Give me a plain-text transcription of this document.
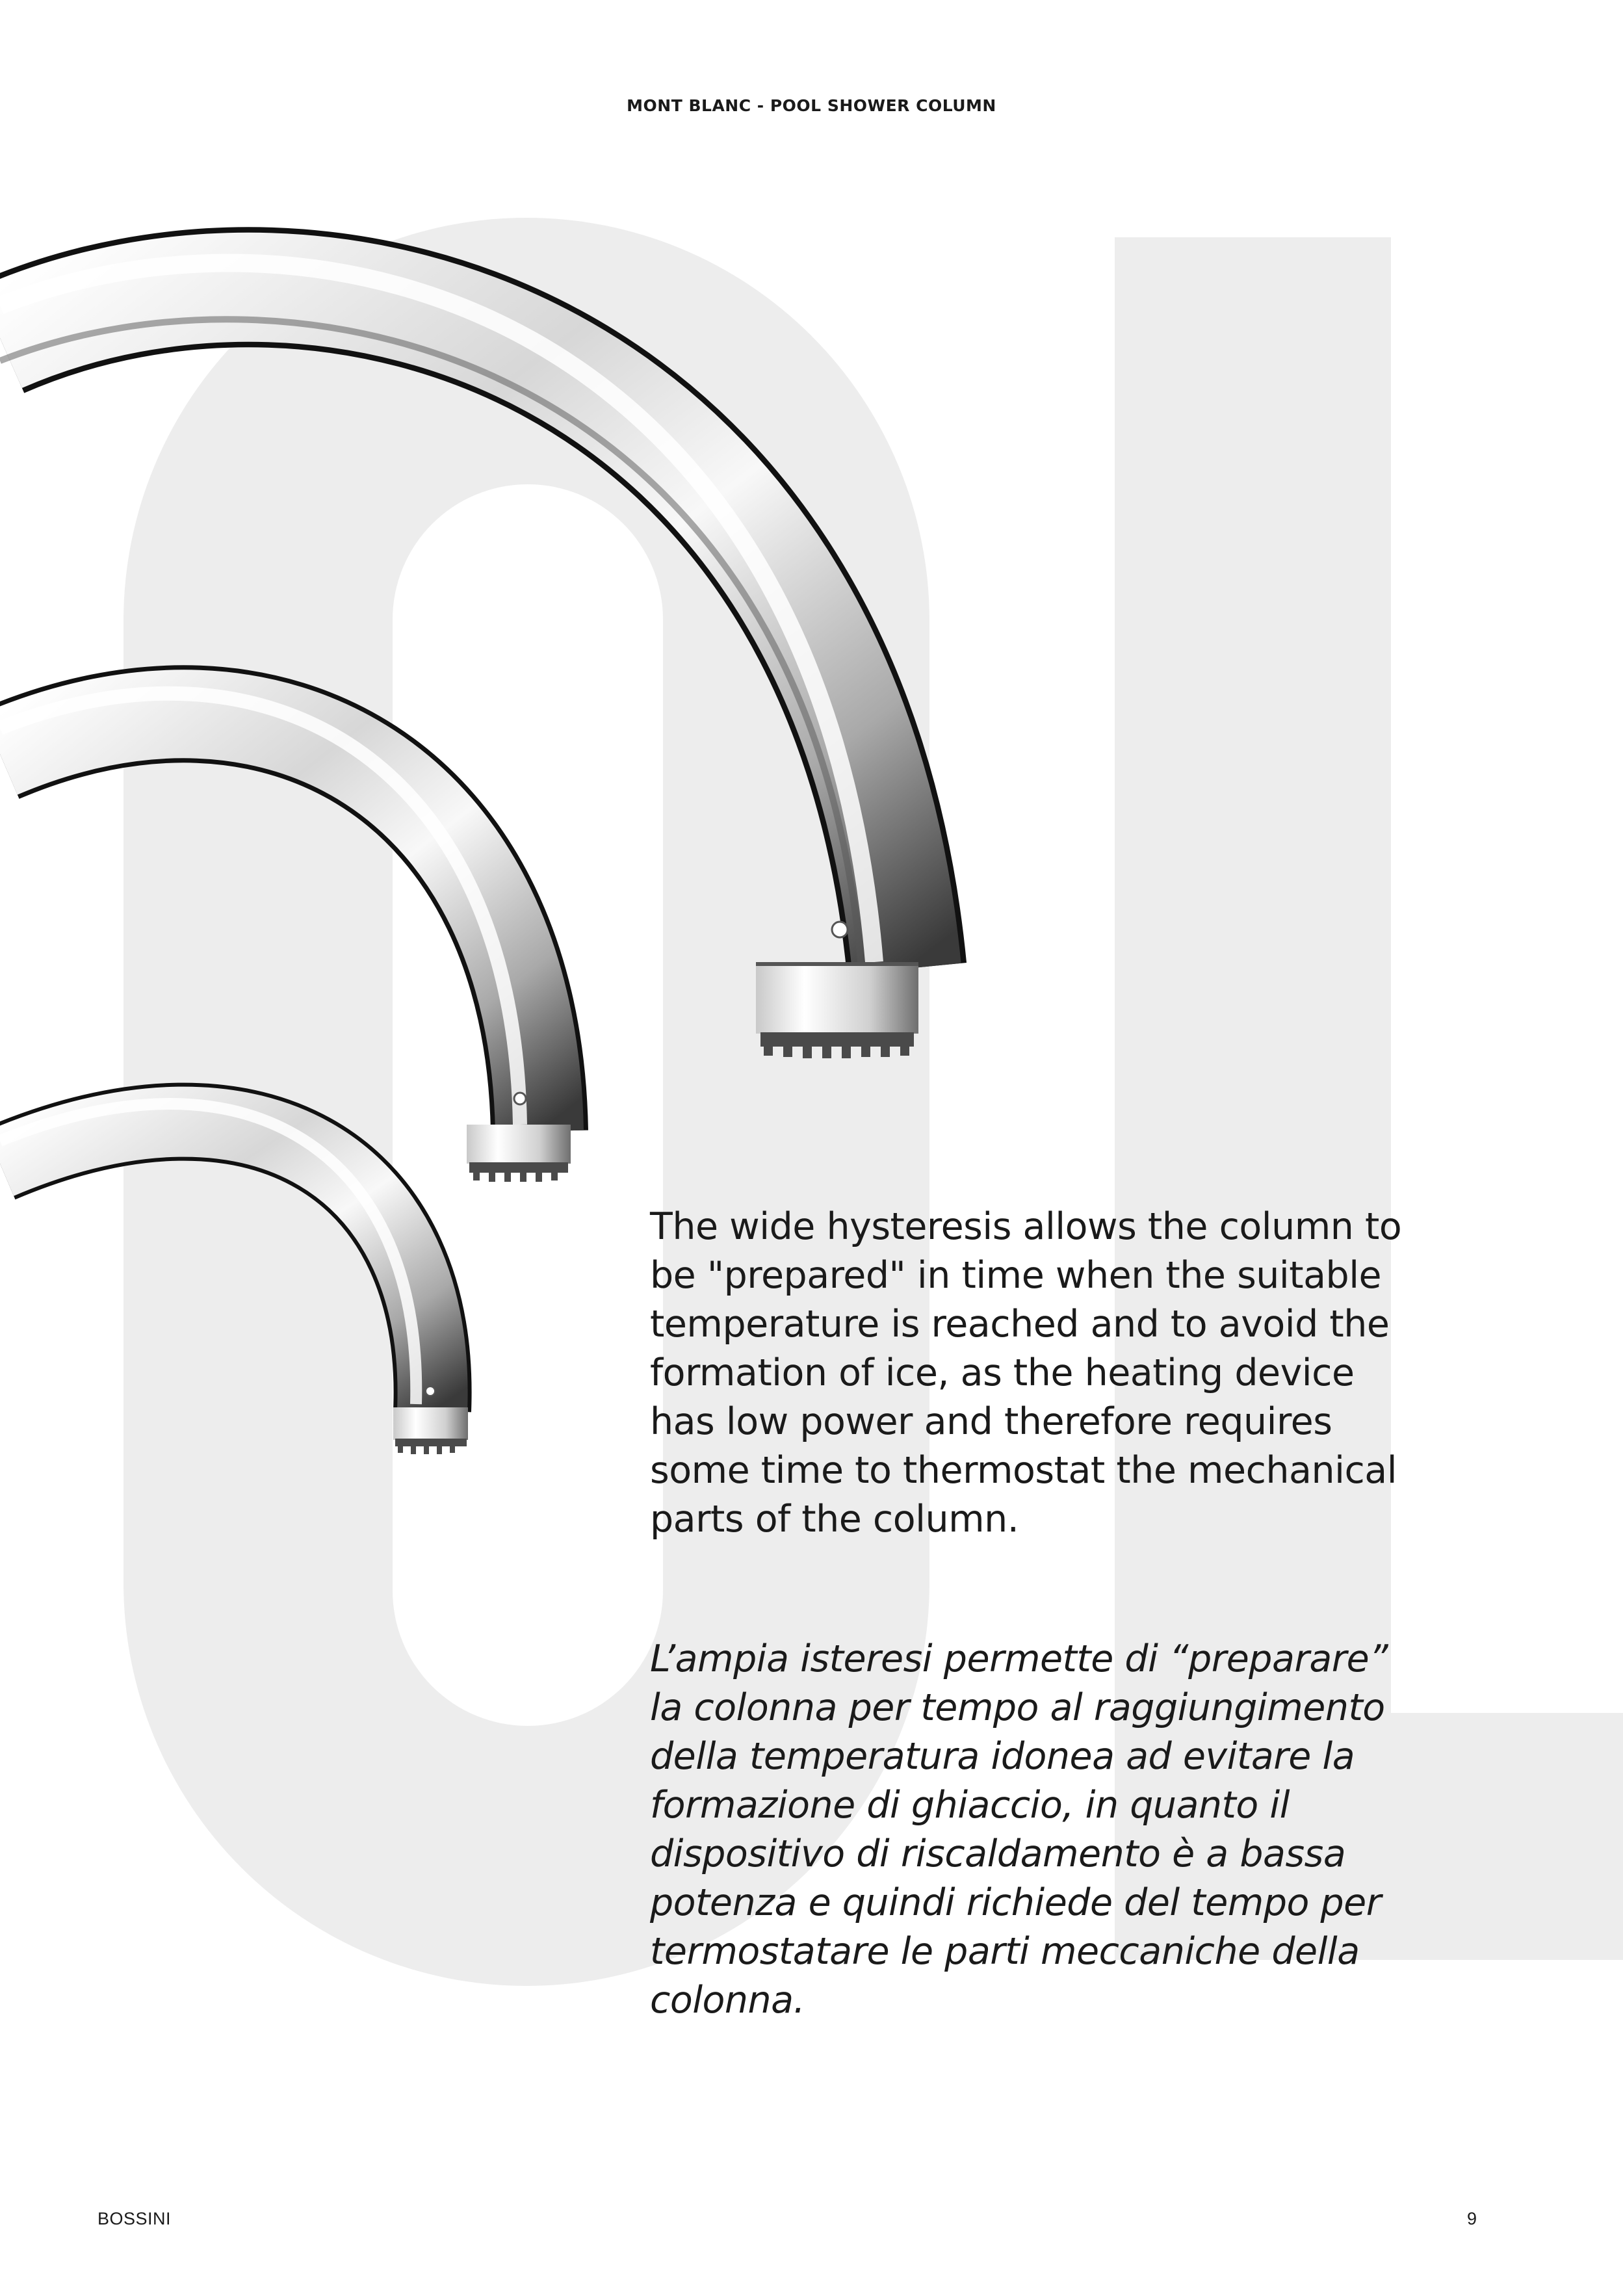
MONT BLANC - POOL SHOWER COLUMN

The wide hysteresis allows the column to be "prepared" in time when the suitable temperature is reached and to avoid the formation of ice, as the heating device has low power and therefore requires some time to thermostat the mechanical parts of the column.

L’ampia isteresi permette di “preparare” la colonna per tempo al raggiungimento della temperatura idonea ad evitare la formazione di ghiaccio, in quanto il dispositivo di riscaldamento è a bassa potenza e quindi richiede del tempo per termostatare le parti meccaniche della colonna.

BOSSINI	9
